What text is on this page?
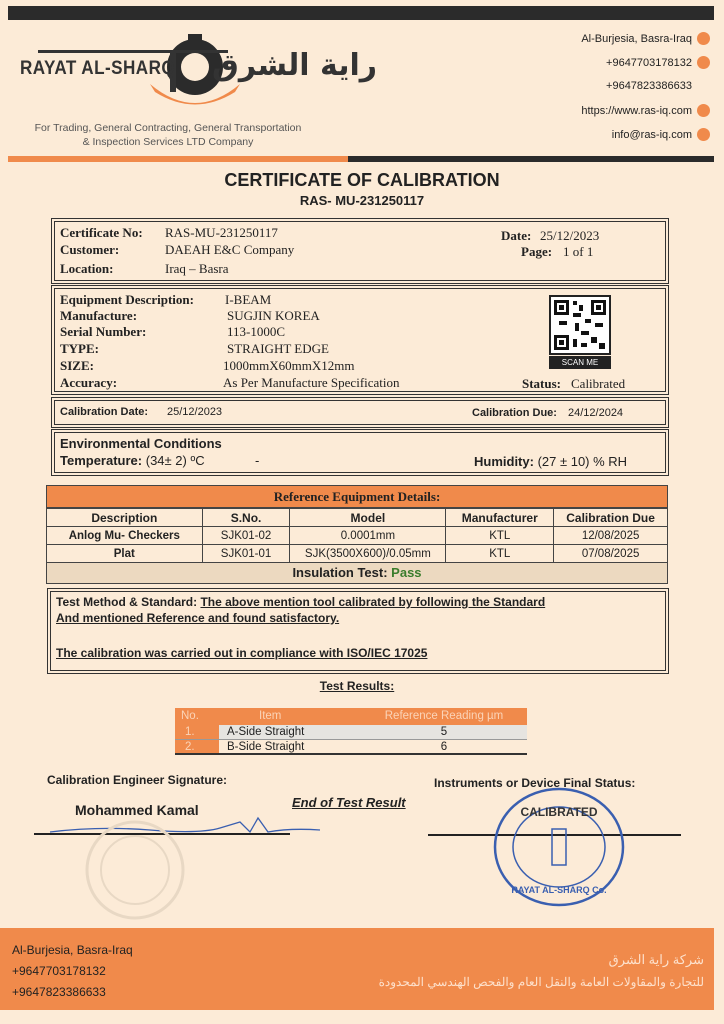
RAYAT AL-SHARQ راية الشرق
For Trading, General Contracting, General Transportation
& Inspection Services LTD Company
Al-Burjesia, Basra-Iraq
+9647703178132
+9647823386633
https://www.ras-iq.com
info@ras-iq.com
CERTIFICATE OF CALIBRATION
RAS- MU-231250117
Certificate No: RAS-MU-231250117
Customer:	DAEAH E&C Company
Location:	Iraq – Basra
Date: 25/12/2023
Page: 1 of 1
Equipment Description: I-BEAM
Manufacture:	SUGJIN KOREA
Serial Number:	113-1000C
TYPE:	STRAIGHT EDGE
SIZE:	1000mmX60mmX12mm
Accuracy:	As Per Manufacture Specification
SCAN ME
Status: Calibrated
Calibration Date: 25/12/2023	Calibration Due: 24/12/2024
Environmental Conditions
Temperature: (34± 2) ºC	-	Humidity: (27 ± 10) % RH
Reference Equipment Details:
Description	S.No.	Model	Manufacturer	Calibration Due
Anlog Mu- Checkers	SJK01-02	0.0001mm	KTL	12/08/2025
Plat	SJK01-01	SJK(3500X600)/0.05mm	KTL	07/08/2025
Insulation Test: Pass
Test Method & Standard: The above mention tool calibrated by following the Standard
And mentioned Reference and found satisfactory.
The calibration was carried out in compliance with ISO/IEC 17025
Test Results:
No.	Item	Reference Reading µm
1.	A-Side Straight	5
2.	B-Side Straight	6
Calibration Engineer Signature:
Mohammed Kamal	End of Test Result
Instruments or Device Final Status:
CALIBRATED
RAYAT AL-SHARQ Co.
Al-Burjesia, Basra-Iraq
+9647703178132
+9647823386633
شركة راية الشرق
للتجارة والمقاولات العامة والنقل العام والفحص الهندسي المحدودة
